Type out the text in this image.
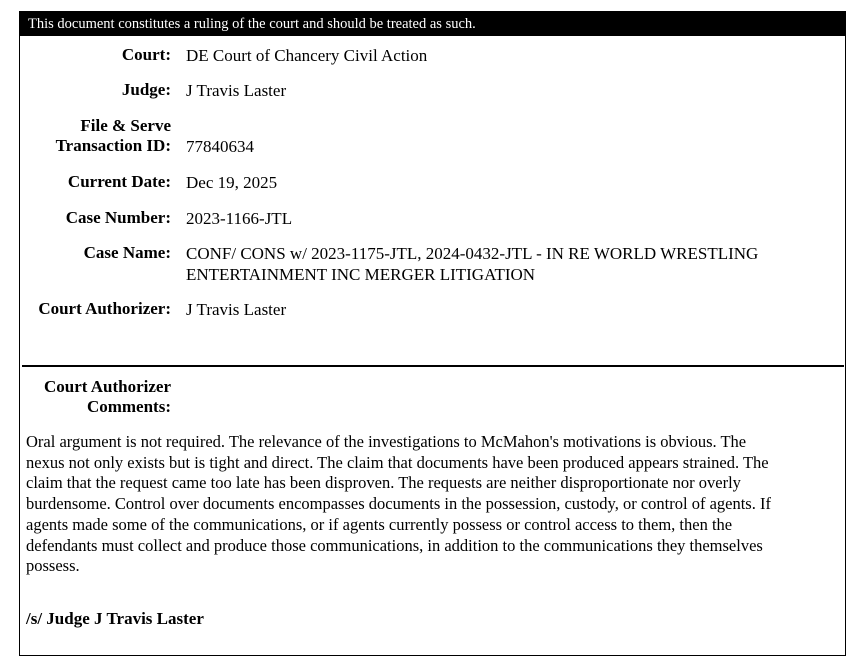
This document constitutes a ruling of the court and should be treated as such.
Court: DE Court of Chancery Civil Action
Judge: J Travis Laster
File & Serve
Transaction ID: 77840634
Current Date: Dec 19, 2025
Case Number: 2023-1166-JTL
Case Name: CONF/ CONS w/ 2023-1175-JTL, 2024-0432-JTL - IN RE WORLD WRESTLING
ENTERTAINMENT INC MERGER LITIGATION
Court Authorizer: J Travis Laster
Court Authorizer
Comments:
Oral argument is not required. The relevance of the investigations to McMahon's motivations is obvious. The
nexus not only exists but is tight and direct. The claim that documents have been produced appears strained. The
claim that the request came too late has been disproven. The requests are neither disproportionate nor overly
burdensome. Control over documents encompasses documents in the possession, custody, or control of agents. If
agents made some of the communications, or if agents currently possess or control access to them, then the
defendants must collect and produce those communications, in addition to the communications they themselves
possess.
/s/ Judge J Travis Laster
